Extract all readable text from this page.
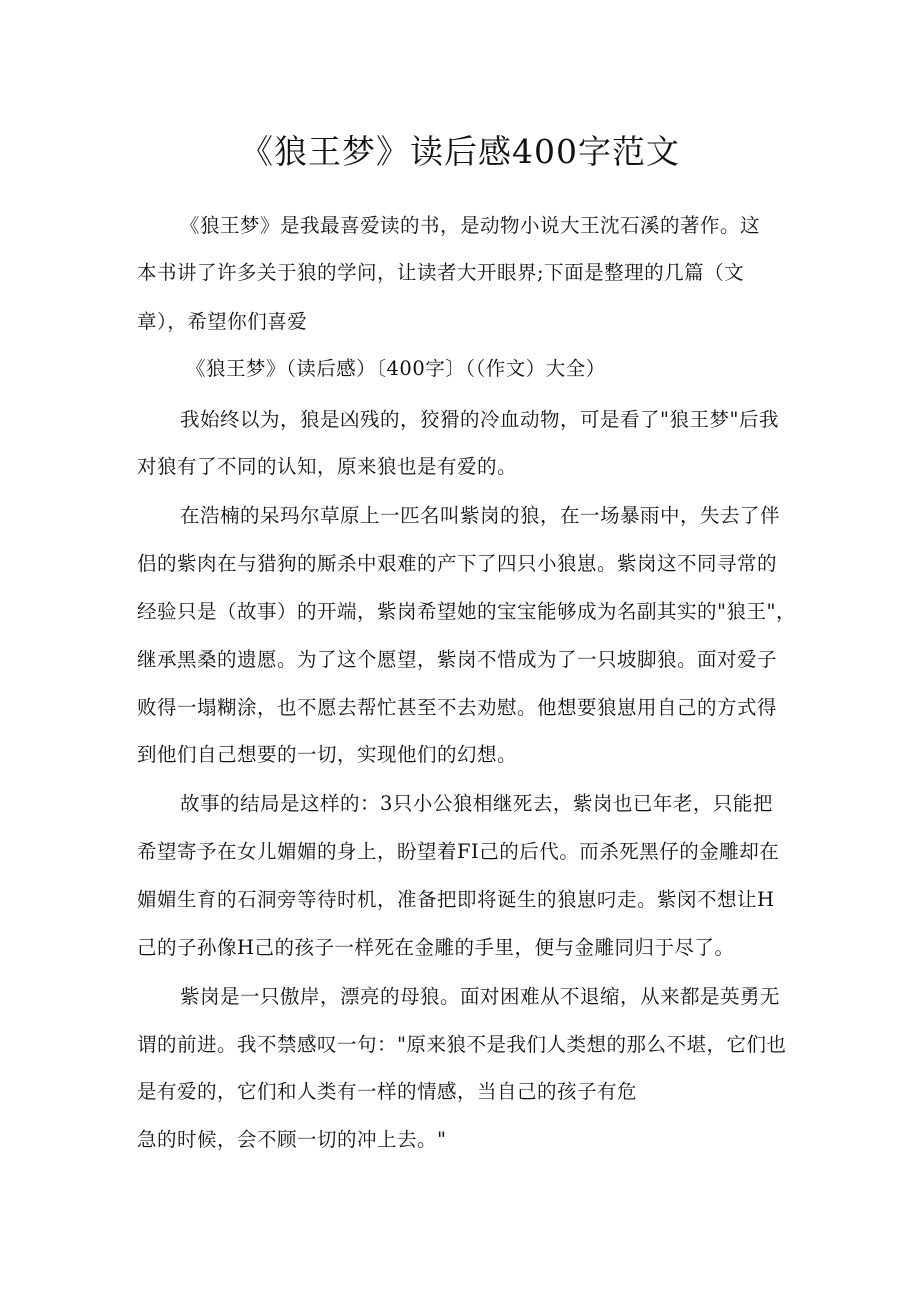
《狼王梦》读后感400字范文
《狼王梦》是我最喜爱读的书，是动物小说大王沈石溪的著作。这
本书讲了许多关于狼的学问，让读者大开眼界;下面是整理的几篇（文
章），希望你们喜爱
《狼王梦》（读后感）〔400字〕（（作文）大全）
我始终以为，狼是凶残的，狡猾的冷血动物，可是看了"狼王梦"后我
对狼有了不同的认知，原来狼也是有爱的。
在浩楠的呆玛尔草原上一匹名叫紫岗的狼，在一场暴雨中，失去了伴
侣的紫肉在与猎狗的厮杀中艰难的产下了四只小狼崽。紫岗这不同寻常的
经验只是（故事）的开端，紫岗希望她的宝宝能够成为名副其实的"狼王"，
继承黑桑的遗愿。为了这个愿望，紫岗不惜成为了一只坡脚狼。面对爱子
败得一塌糊涂，也不愿去帮忙甚至不去劝慰。他想要狼崽用自己的方式得
到他们自己想要的一切，实现他们的幻想。
故事的结局是这样的：3只小公狼相继死去，紫岗也已年老，只能把
希望寄予在女儿媚媚的身上，盼望着FI己的后代。而杀死黑仔的金雕却在
媚媚生育的石洞旁等待时机，准备把即将诞生的狼崽叼走。紫闵不想让H
己的子孙像H己的孩子一样死在金雕的手里，便与金雕同归于尽了。
紫岗是一只傲岸，漂亮的母狼。面对困难从不退缩，从来都是英勇无
谓的前进。我不禁感叹一句："原来狼不是我们人类想的那么不堪，它们也
是有爱的，它们和人类有一样的情感，当自己的孩子有危
急的时候，会不顾一切的冲上去。"
